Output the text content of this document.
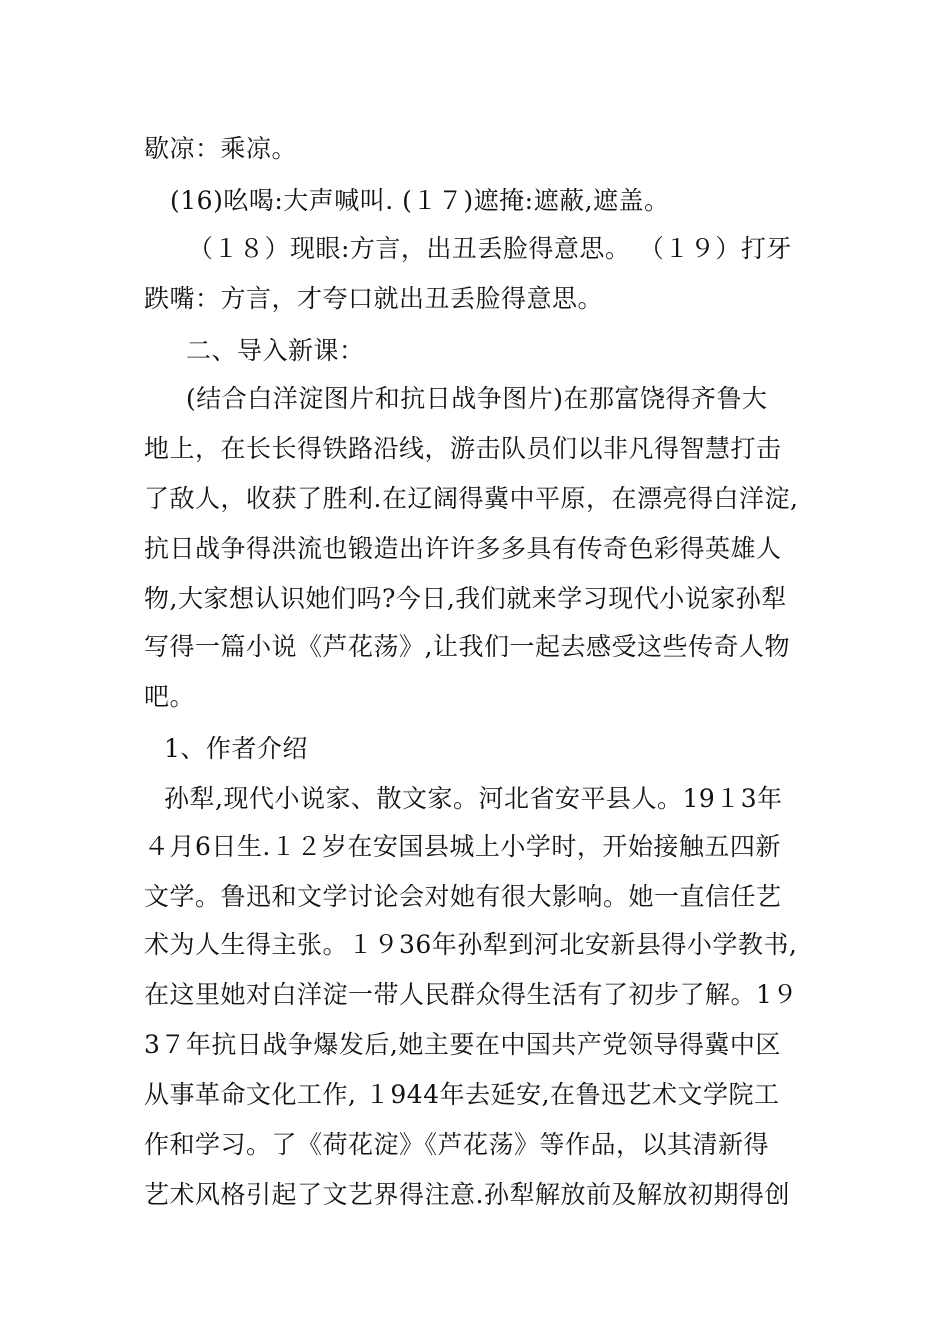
歇凉：乘凉。
(16)吆喝:大声喊叫. (１７)遮掩:遮蔽,遮盖。
（１８）现眼:方言，出丑丢脸得意思。 （１９）打牙
跌嘴：方言，才夸口就出丑丢脸得意思。
二、导入新课：
(结合白洋淀图片和抗日战争图片)在那富饶得齐鲁大
地上，在长长得铁路沿线，游击队员们以非凡得智慧打击
了敌人，收获了胜利.在辽阔得冀中平原，在漂亮得白洋淀,
抗日战争得洪流也锻造出许许多多具有传奇色彩得英雄人
物,大家想认识她们吗?今日,我们就来学习现代小说家孙犁
写得一篇小说《芦花荡》,让我们一起去感受这些传奇人物
吧。
1、作者介绍
孙犁,现代小说家、散文家。河北省安平县人。19１3年
４月6日生.１２岁在安国县城上小学时，开始接触五四新
文学。鲁迅和文学讨论会对她有很大影响。她一直信任艺
术为人生得主张。１９36年孙犁到河北安新县得小学教书,
在这里她对白洋淀一带人民群众得生活有了初步了解。1９
3７年抗日战争爆发后,她主要在中国共产党领导得冀中区
从事革命文化工作, １944年去延安,在鲁迅艺术文学院工
作和学习。了《荷花淀》《芦花荡》等作品，以其清新得
艺术风格引起了文艺界得注意.孙犁解放前及解放初期得创
